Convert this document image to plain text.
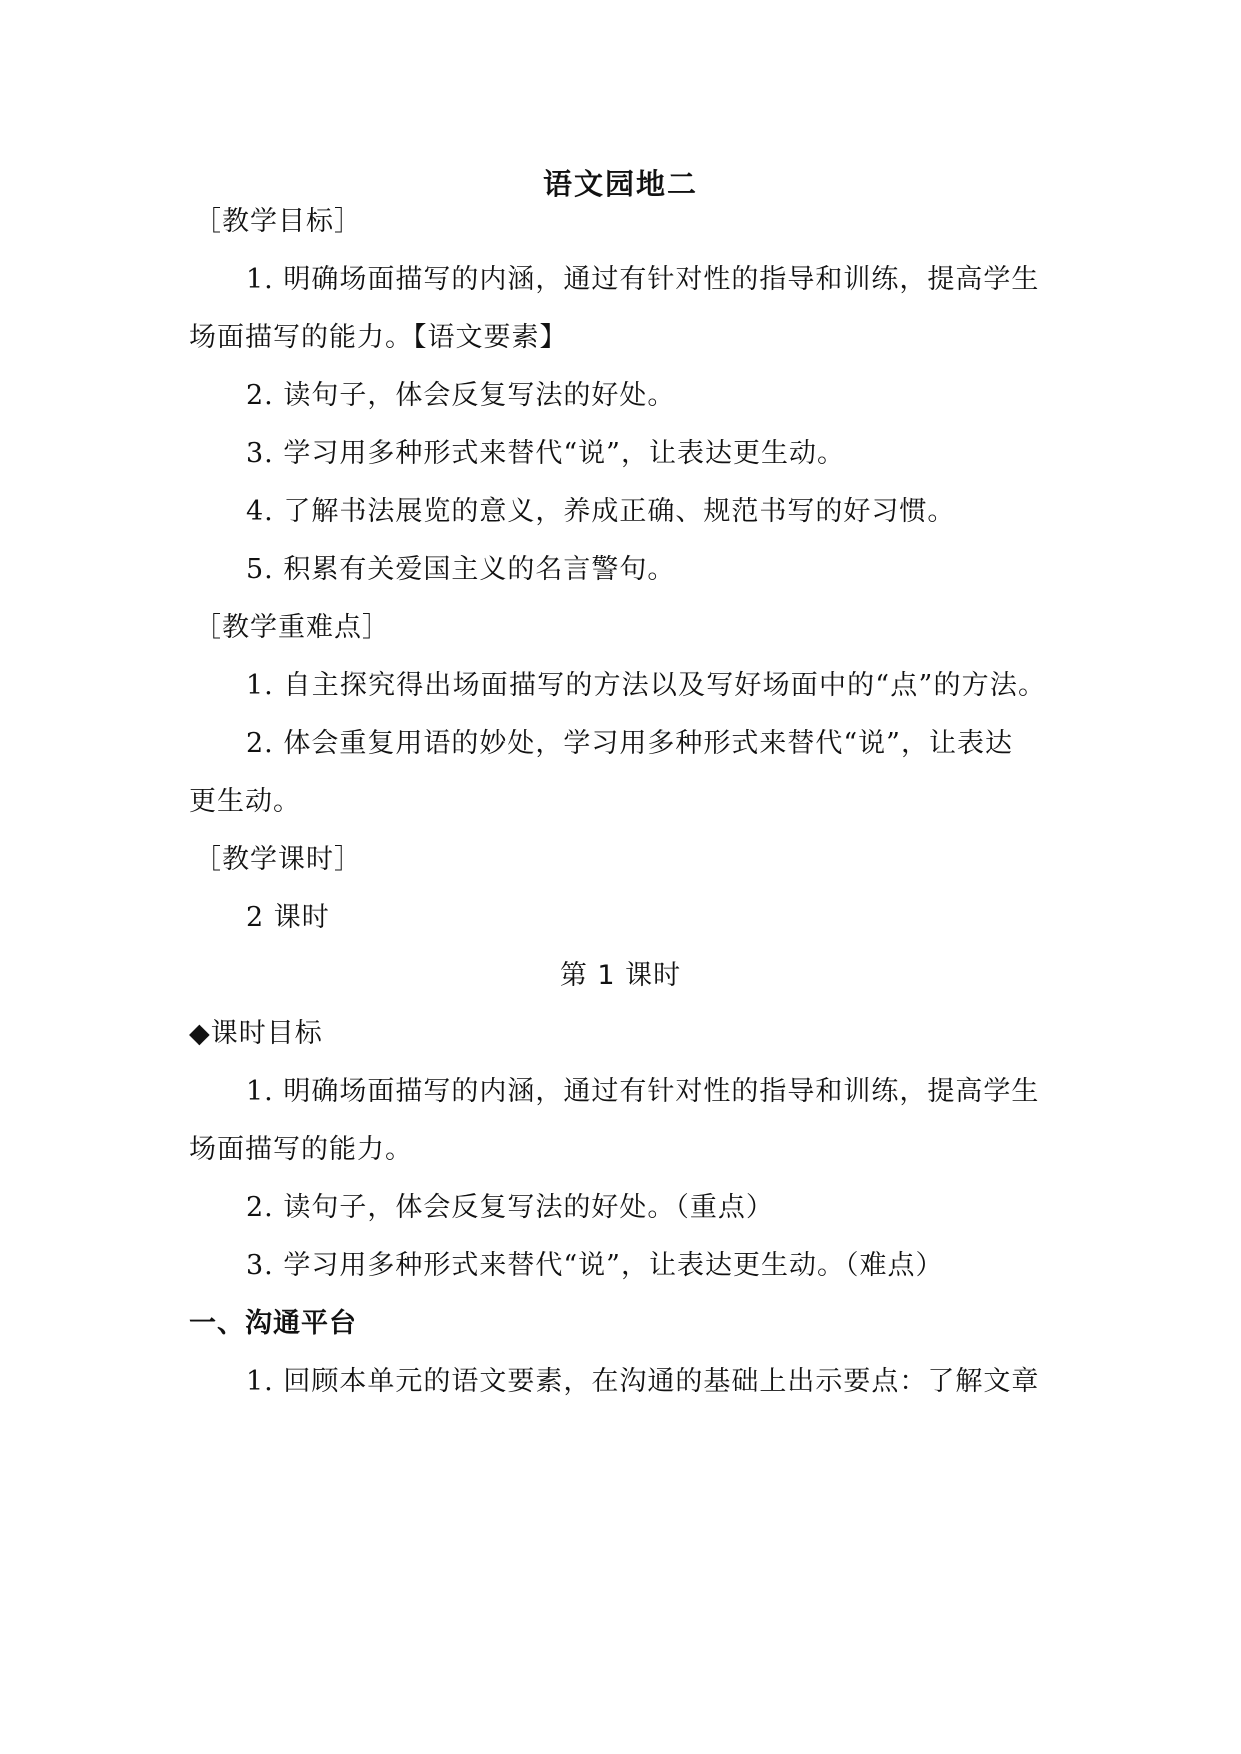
语文园地二
［教学目标］
1. 明确场面描写的内涵，通过有针对性的指导和训练，提高学生
场面描写的能力。【语文要素】
2. 读句子，体会反复写法的好处。
3. 学习用多种形式来替代“说”，让表达更生动。
4. 了解书法展览的意义，养成正确、规范书写的好习惯。
5. 积累有关爱国主义的名言警句。
［教学重难点］
1. 自主探究得出场面描写的方法以及写好场面中的“点”的方法。
2. 体会重复用语的妙处，学习用多种形式来替代“说”，让表达
更生动。
［教学课时］
2 课时
第 1 课时
◆课时目标
1. 明确场面描写的内涵，通过有针对性的指导和训练，提高学生
场面描写的能力。
2. 读句子，体会反复写法的好处。（重点）
3. 学习用多种形式来替代“说”，让表达更生动。（难点）
一、沟通平台
1. 回顾本单元的语文要素，在沟通的基础上出示要点：了解文章
